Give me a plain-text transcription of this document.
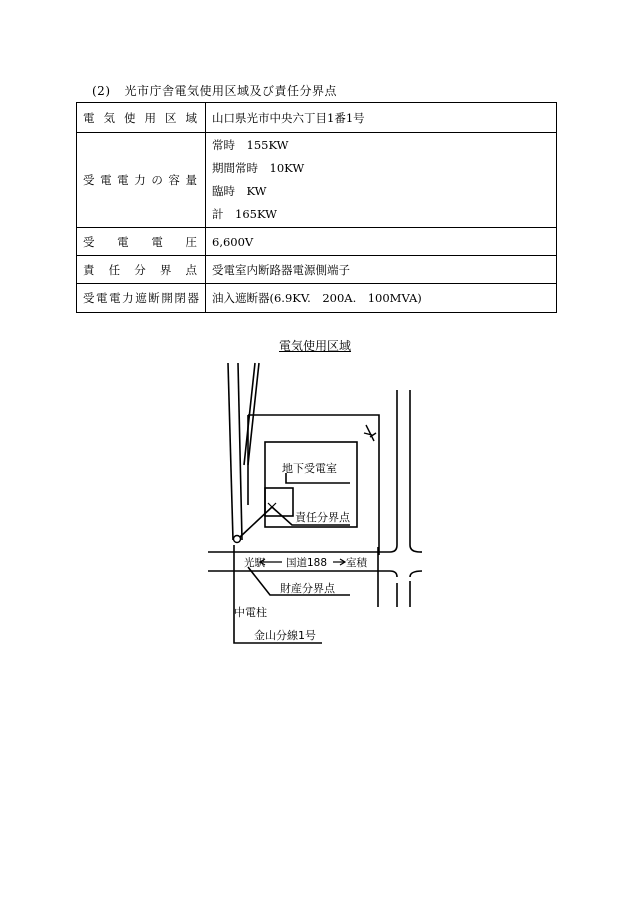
(2) 光市庁舎電気使用区域及び責任分界点
電気使用区域	山口県光市中央六丁目1番1号
受電電力の容量	常時　155KW
期間常時　10KW
臨時　KW
計　165KW

受電電圧	6,600V
責任分界点	受電室内断路器電源側端子
受電電力遮断開閉器	油入遮断器(6.9KV.　200A.　100MVA)
電気使用区域
地下受電室
責任分界点
光駅 国道188 室積
財産分界点
中電柱
金山分線1号
